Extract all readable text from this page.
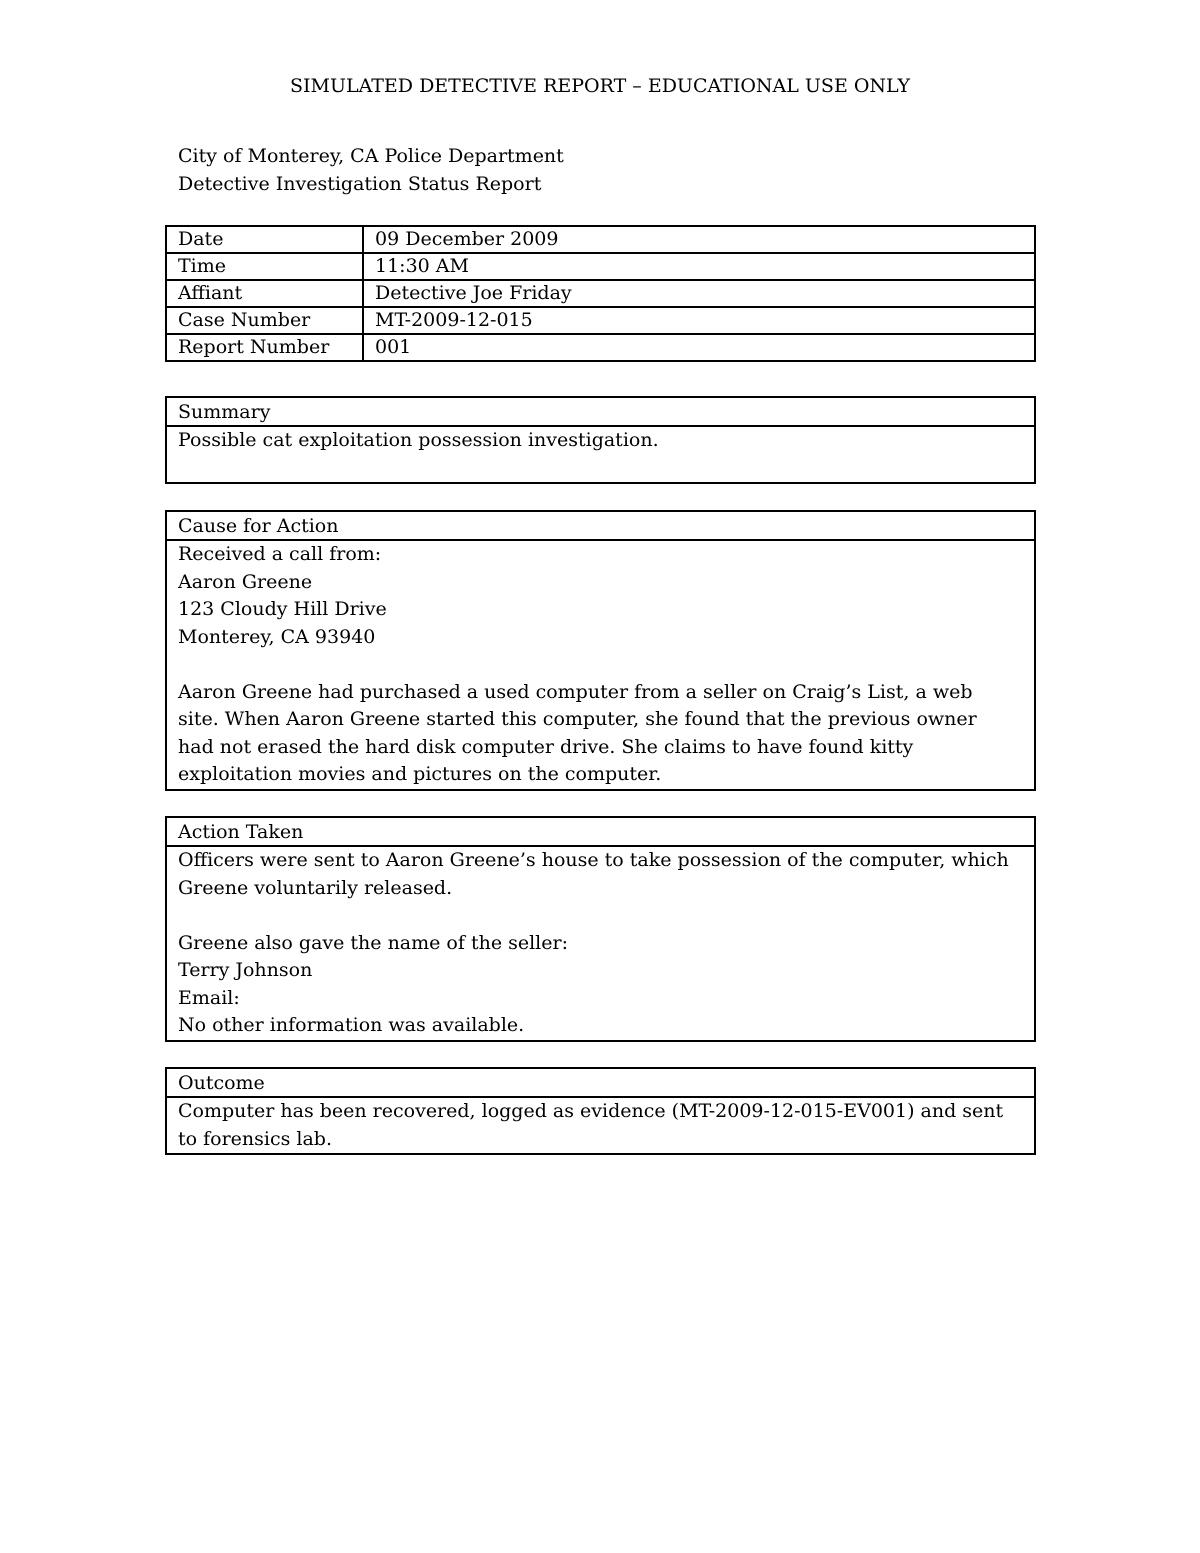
SIMULATED DETECTIVE REPORT – EDUCATIONAL USE ONLY
City of Monterey, CA Police Department
Detective Investigation Status Report
Date	09 December 2009
Time	11:30 AM
Affiant	Detective Joe Friday
Case Number	MT-2009-12-015
Report Number	001
Summary

Possible cat exploitation possession investigation.

Cause for Action

Received a call from:

Aaron Greene

123 Cloudy Hill Drive

Monterey, CA 93940

Aaron Greene had purchased a used computer from a seller on Craig’s List, a web site. When Aaron Greene started this computer, she found that the previous owner had not erased the hard disk computer drive. She claims to have found kitty exploitation movies and pictures on the computer.

Action Taken

Officers were sent to Aaron Greene’s house to take possession of the computer, which Greene voluntarily released.

Greene also gave the name of the seller:

Terry Johnson

Email:

No other information was available.

Outcome

Computer has been recovered, logged as evidence (MT-2009-12-015-EV001) and sent to forensics lab.
